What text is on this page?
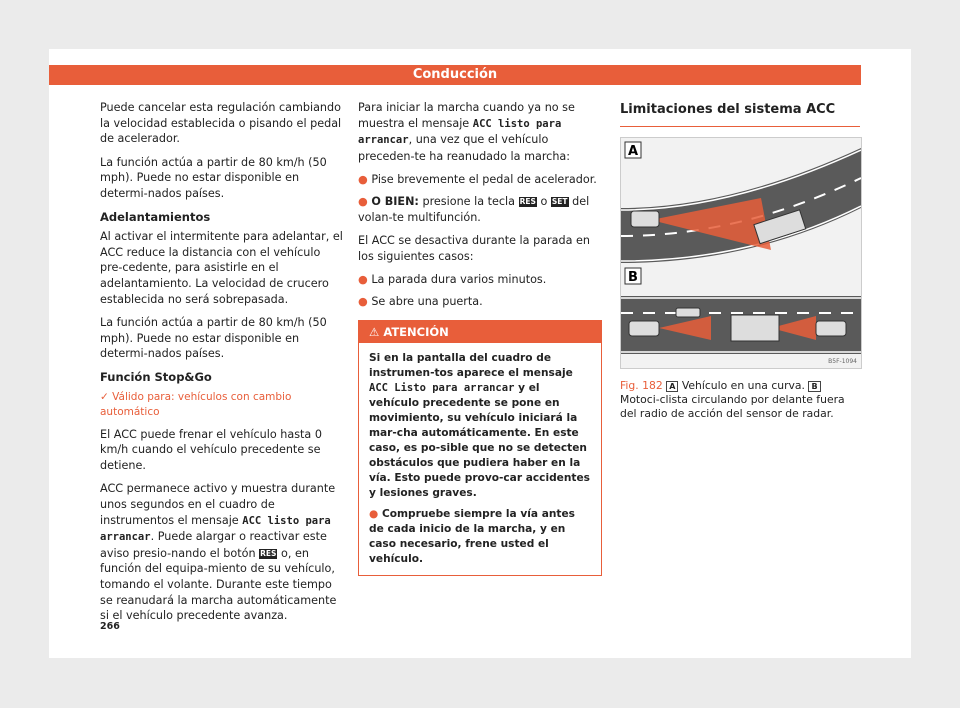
Conducción

Puede cancelar esta regulación cambiando la velocidad establecida o pisando el pedal de acelerador.

La función actúa a partir de 80 km/h (50 mph). Puede no estar disponible en determi-nados países.

Adelantamientos

Al activar el intermitente para adelantar, el ACC reduce la distancia con el vehículo pre-cedente, para asistirle en el adelantamiento. La velocidad de crucero establecida no será sobrepasada.

La función actúa a partir de 80 km/h (50 mph). Puede no estar disponible en determi-nados países.

Función Stop&Go
✓ Válido para: vehículos con cambio automático

El ACC puede frenar el vehículo hasta 0 km/h cuando el vehículo precedente se detiene.

ACC permanece activo y muestra durante unos segundos en el cuadro de instrumentos el mensaje ACC listo para arrancar. Puede alargar o reactivar este aviso presio-nando el botón RES o, en función del equipa-miento de su vehículo, tomando el volante. Durante este tiempo se reanudará la marcha automáticamente si el vehículo precedente avanza.

Para iniciar la marcha cuando ya no se muestra el mensaje ACC listo para arrancar, una vez que el vehículo preceden-te ha reanudado la marcha:

● Pise brevemente el pedal de acelerador.
● O BIEN: presione la tecla RES o SET del volan-te multifunción.

El ACC se desactiva durante la parada en los siguientes casos:

● La parada dura varios minutos.
● Se abre una puerta.
⚠ ATENCIÓN
Si en la pantalla del cuadro de instrumen-tos aparece el mensaje ACC Listo para arrancar y el vehículo precedente se pone en movimiento, su vehículo iniciará la mar-cha automáticamente. En este caso, es po-sible que no se detecten obstáculos que pudiera haber en la vía. Esto puede provo-car accidentes y lesiones graves.
● Compruebe siempre la vía antes de cada inicio de la marcha, y en caso necesario, frene usted el vehículo.
Limitaciones del sistema ACC
A
B
B5F-1094
Fig. 182 A Vehículo en una curva. B Motoci-clista circulando por delante fuera del radio de acción del sensor de radar.
266
